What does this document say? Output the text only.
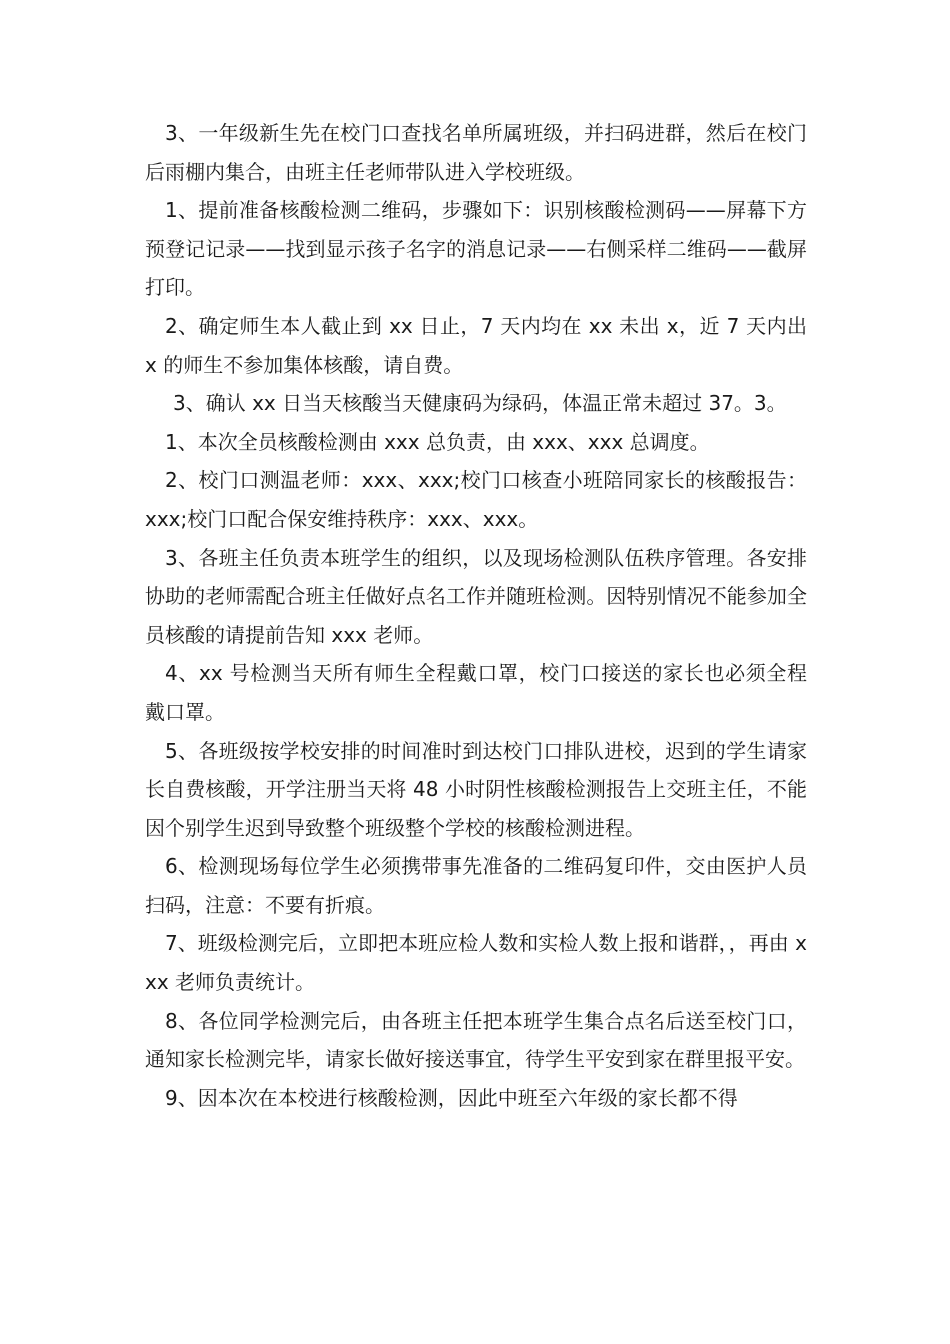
3、一年级新生先在校门口查找名单所属班级，并扫码进群，然后在校门后雨棚内集合，由班主任老师带队进入学校班级。

1、提前准备核酸检测二维码，步骤如下：识别核酸检测码——屏幕下方预登记记录——找到显示孩子名字的消息记录——右侧采样二维码——截屏打印。

2、确定师生本人截止到 xx 日止，7 天内均在 xx 未出 x，近 7 天内出 x 的师生不参加集体核酸，请自费。

3、确认 xx 日当天核酸当天健康码为绿码，体温正常未超过 37。3。

1、本次全员核酸检测由 xxx 总负责，由 xxx、xxx 总调度。

2、校门口测温老师：xxx、xxx;校门口核查小班陪同家长的核酸报告：xxx;校门口配合保安维持秩序：xxx、xxx。

3、各班主任负责本班学生的组织，以及现场检测队伍秩序管理。各安排协助的老师需配合班主任做好点名工作并随班检测。因特别情况不能参加全员核酸的请提前告知 xxx 老师。

4、xx 号检测当天所有师生全程戴口罩，校门口接送的家长也必须全程戴口罩。

5、各班级按学校安排的时间准时到达校门口排队进校，迟到的学生请家长自费核酸，开学注册当天将 48 小时阴性核酸检测报告上交班主任，不能因个别学生迟到导致整个班级整个学校的核酸检测进程。

6、检测现场每位学生必须携带事先准备的二维码复印件，交由医护人员扫码，注意：不要有折痕。

7、班级检测完后，立即把本班应检人数和实检人数上报和谐群，，再由 xxx 老师负责统计。

8、各位同学检测完后，由各班主任把本班学生集合点名后送至校门口，通知家长检测完毕，请家长做好接送事宜，待学生平安到家在群里报平安。

9、因本次在本校进行核酸检测，因此中班至六年级的家长都不得
